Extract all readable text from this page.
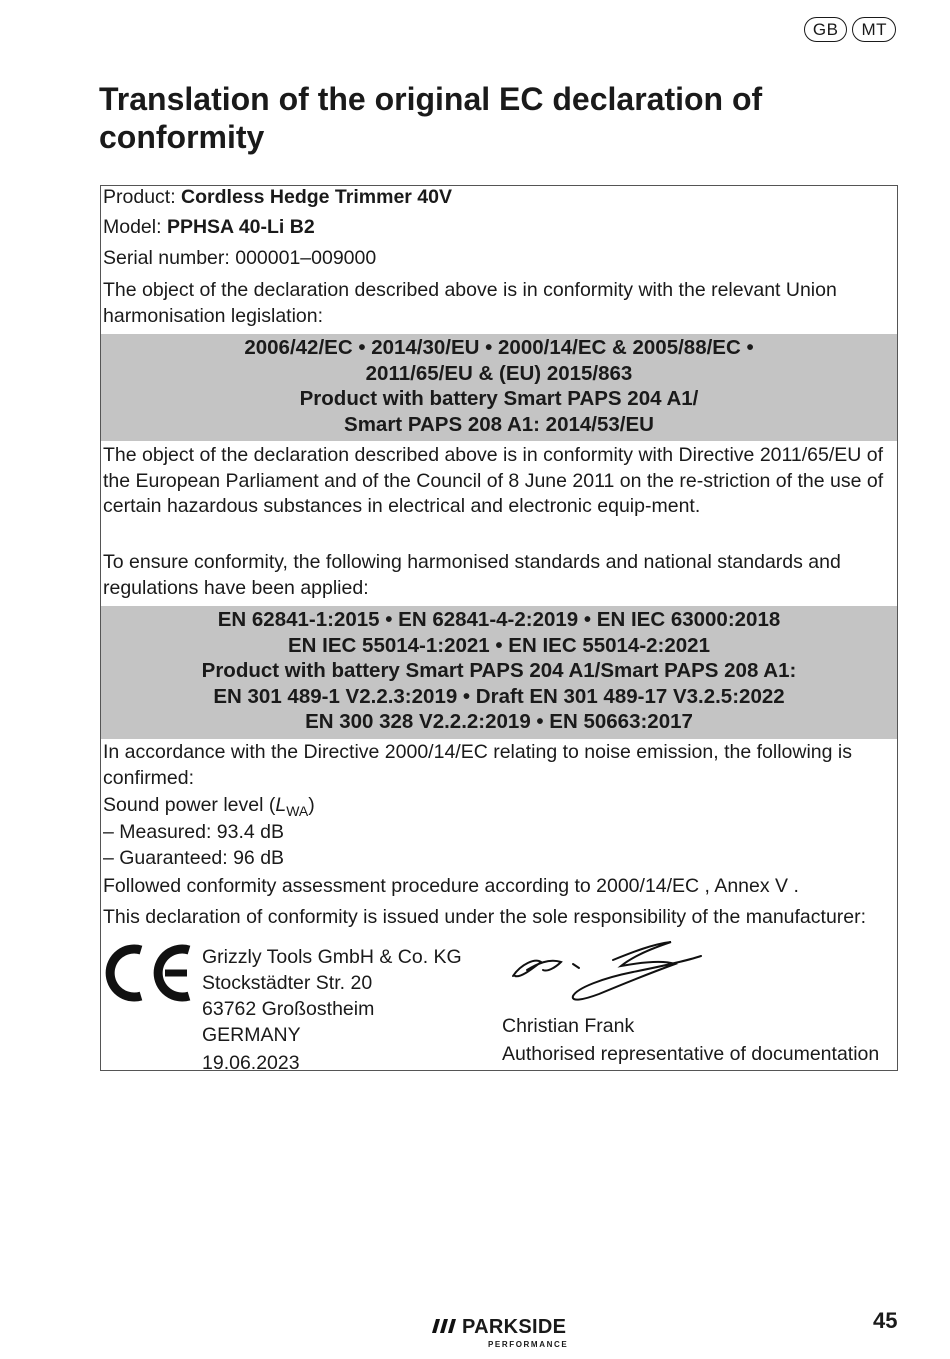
GB	MT
Translation of the original EC declaration of conformity
Product: Cordless Hedge Trimmer 40V
Model: PPHSA 40-Li B2
Serial number: 000001–009000
The object of the declaration described above is in conformity with the relevant Union harmonisation legislation:
2006/42/EC • 2014/30/EU • 2000/14/EC & 2005/88/EC •
2011/65/EU & (EU) 2015/863
Product with battery Smart PAPS 204 A1/
Smart PAPS 208 A1: 2014/53/EU
The object of the declaration described above is in conformity with Directive 2011/65/EU of the European Parliament and of the Council of 8 June 2011 on the re-striction of the use of certain hazardous substances in electrical and electronic equip-ment.
To ensure conformity, the following harmonised standards and national standards and regulations have been applied:
EN 62841-1:2015 • EN 62841-4-2:2019 • EN IEC 63000:2018
EN IEC 55014-1:2021 • EN IEC 55014-2:2021
Product with battery Smart PAPS 204 A1/Smart PAPS 208 A1:
EN 301 489-1 V2.2.3:2019 • Draft EN 301 489-17 V3.2.5:2022
EN 300 328 V2.2.2:2019 • EN 50663:2017
In accordance with the Directive 2000/14/EC relating to noise emission, the following is confirmed:
Sound power level $(L_{WA})$
– Measured: 93.4 dB
– Guaranteed: 96 dB
Followed conformity assessment procedure according to 2000/14/EC , Annex V .
This declaration of conformity is issued under the sole responsibility of the manufacturer:
Grizzly Tools GmbH & Co. KG
Stockstädter Str. 20
63762 Großostheim
GERMANY
19.06.2023
Christian Frank
Authorised representative of documentation
PARKSIDE
PERFORMANCE
45
